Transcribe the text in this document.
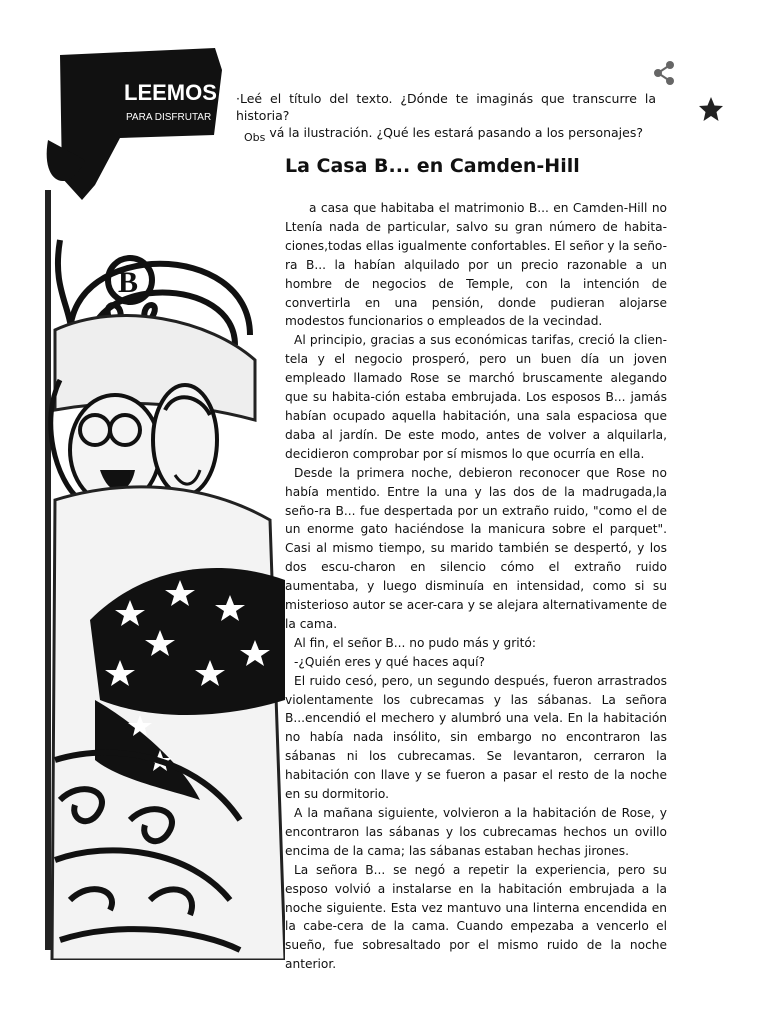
LEEMOS
PARA DISFRUTAR
B
·Leé el título del texto. ¿Dónde te imaginás que transcurre la historia?
Obs vá la ilustración. ¿Qué les estará pasando a los personajes?
La Casa B... en Camden-Hill

a casa que habitaba el matrimonio B... en Camden-Hill no Ltenía nada de particular, salvo su gran número de habita-ciones,todas ellas igualmente confortables. El señor y la seño-ra B... la habían alquilado por un precio razonable a un hombre de negocios de Temple, con la intención de convertirla en una pensión, donde pudieran alojarse modestos funcionarios o empleados de la vecindad.

Al principio, gracias a sus económicas tarifas, creció la clien-tela y el negocio prosperó, pero un buen día un joven empleado llamado Rose se marchó bruscamente alegando que su habita-ción estaba embrujada. Los esposos B... jamás habían ocupado aquella habitación, una sala espaciosa que daba al jardín. De este modo, antes de volver a alquilarla, decidieron comprobar por sí mismos lo que ocurría en ella.

Desde la primera noche, debieron reconocer que Rose no había mentido. Entre la una y las dos de la madrugada,la seño-ra B... fue despertada por un extraño ruido, "como el de un enorme gato haciéndose la manicura sobre el parquet". Casi al mismo tiempo, su marido también se despertó, y los dos escu-charon en silencio cómo el extraño ruido aumentaba, y luego disminuía en intensidad, como si su misterioso autor se acer-cara y se alejara alternativamente de la cama.

Al fin, el señor B... no pudo más y gritó:

-¿Quién eres y qué haces aquí?

El ruido cesó, pero, un segundo después, fueron arrastrados violentamente los cubrecamas y las sábanas. La señora B...encendió el mechero y alumbró una vela. En la habitación no había nada insólito, sin embargo no encontraron las sábanas ni los cubrecamas. Se levantaron, cerraron la habitación con llave y se fueron a pasar el resto de la noche en su dormitorio.

A la mañana siguiente, volvieron a la habitación de Rose, y encontraron las sábanas y los cubrecamas hechos un ovillo encima de la cama; las sábanas estaban hechas jirones.

La señora B... se negó a repetir la experiencia, pero su esposo volvió a instalarse en la habitación embrujada a la noche siguiente. Esta vez mantuvo una linterna encendida en la cabe-cera de la cama. Cuando empezaba a vencerlo el sueño, fue sobresaltado por el mismo ruido de la noche anterior.
